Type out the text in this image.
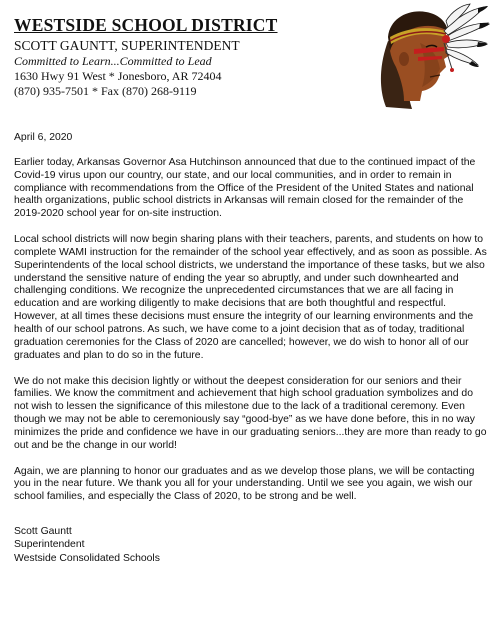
WESTSIDE SCHOOL DISTRICT
SCOTT GAUNTT, SUPERINTENDENT
Committed to Learn...Committed to Lead
1630 Hwy 91 West * Jonesboro, AR 72404
(870) 935-7501 * Fax (870) 268-9119

April 6, 2020

Earlier today, Arkansas Governor Asa Hutchinson announced that due to the continued impact of the Covid-19 virus upon our country, our state, and our local communities, and in order to remain in compliance with recommendations from the Office of the President of the United States and national health organizations, public school districts in Arkansas will remain closed for the remainder of the 2019-2020 school year for on-site instruction.

Local school districts will now begin sharing plans with their teachers, parents, and students on how to complete WAMI instruction for the remainder of the school year effectively, and as soon as possible. As Superintendents of the local school districts, we understand the importance of these tasks, but we also understand the sensitive nature of ending the year so abruptly, and under such downhearted and challenging conditions. We recognize the unprecedented circumstances that we are all facing in education and are working diligently to make decisions that are both thoughtful and respectful. However, at all times these decisions must ensure the integrity of our learning environments and the health of our school patrons. As such, we have come to a joint decision that as of today, traditional graduation ceremonies for the Class of 2020 are cancelled; however, we do wish to honor all of our graduates and plan to do so in the future.

We do not make this decision lightly or without the deepest consideration for our seniors and their families. We know the commitment and achievement that high school graduation symbolizes and do not wish to lessen the significance of this milestone due to the lack of a traditional ceremony. Even though we may not be able to ceremoniously say “good-bye” as we have done before, this in no way minimizes the pride and confidence we have in our graduating seniors...they are more than ready to go out and be the change in our world!

Again, we are planning to honor our graduates and as we develop those plans, we will be contacting you in the near future. We thank you all for your understanding. Until we see you again, we wish our school families, and especially the Class of 2020, to be strong and be well.

Scott Gauntt

Superintendent

Westside Consolidated Schools
